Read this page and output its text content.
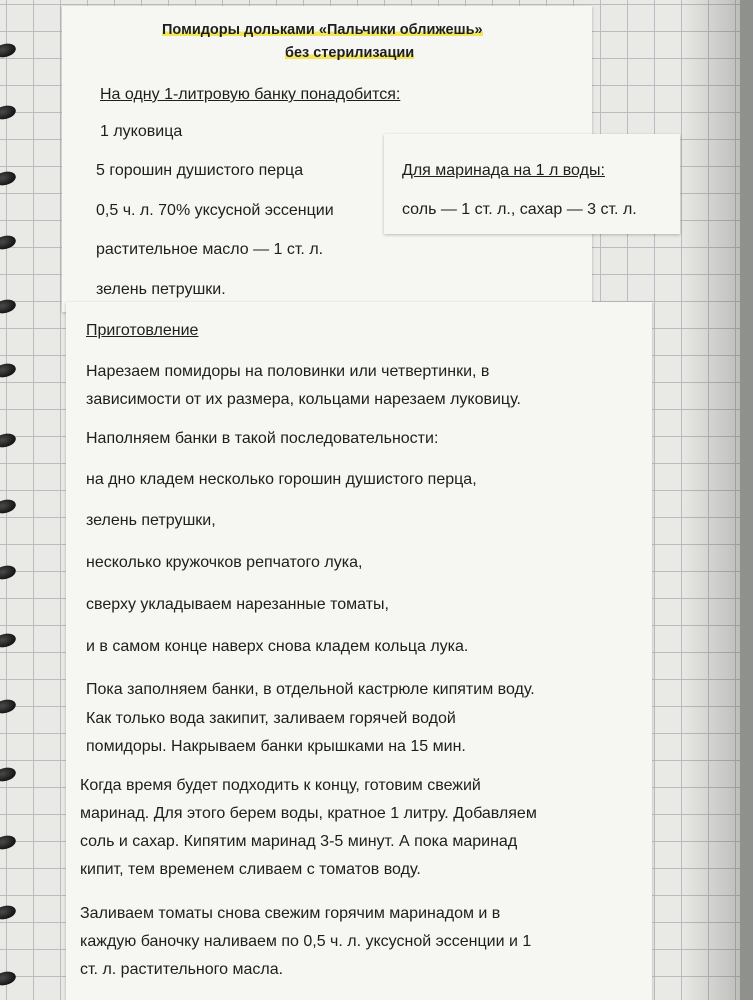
Помидоры дольками «Пальчики оближешь»
без стерилизации
На одну 1-литровую банку понадобится:
1 луковица
5 горошин душистого перца
0,5 ч. л. 70% уксусной эссенции
растительное масло — 1 ст. л.
зелень петрушки.
Для маринада на 1 л воды:
соль — 1 ст. л., сахар — 3 ст. л.
Приготовление
Нарезаем помидоры на половинки или четвертинки, в
зависимости от их размера, кольцами нарезаем луковицу.
Наполняем банки в такой последовательности:
на дно кладем несколько горошин душистого перца,
зелень петрушки,
несколько кружочков репчатого лука,
сверху укладываем нарезанные томаты,
и в самом конце наверх снова кладем кольца лука.
Пока заполняем банки, в отдельной кастрюле кипятим воду.
Как только вода закипит, заливаем горячей водой
помидоры. Накрываем банки крышками на 15 мин.
Когда время будет подходить к концу, готовим свежий
маринад. Для этого берем воды, кратное 1 литру. Добавляем
соль и сахар. Кипятим маринад 3-5 минут. А пока маринад
кипит, тем временем сливаем с томатов воду.
Заливаем томаты снова свежим горячим маринадом и в
каждую баночку наливаем по 0,5 ч. л. уксусной эссенции и 1
ст. л. растительного масла.
